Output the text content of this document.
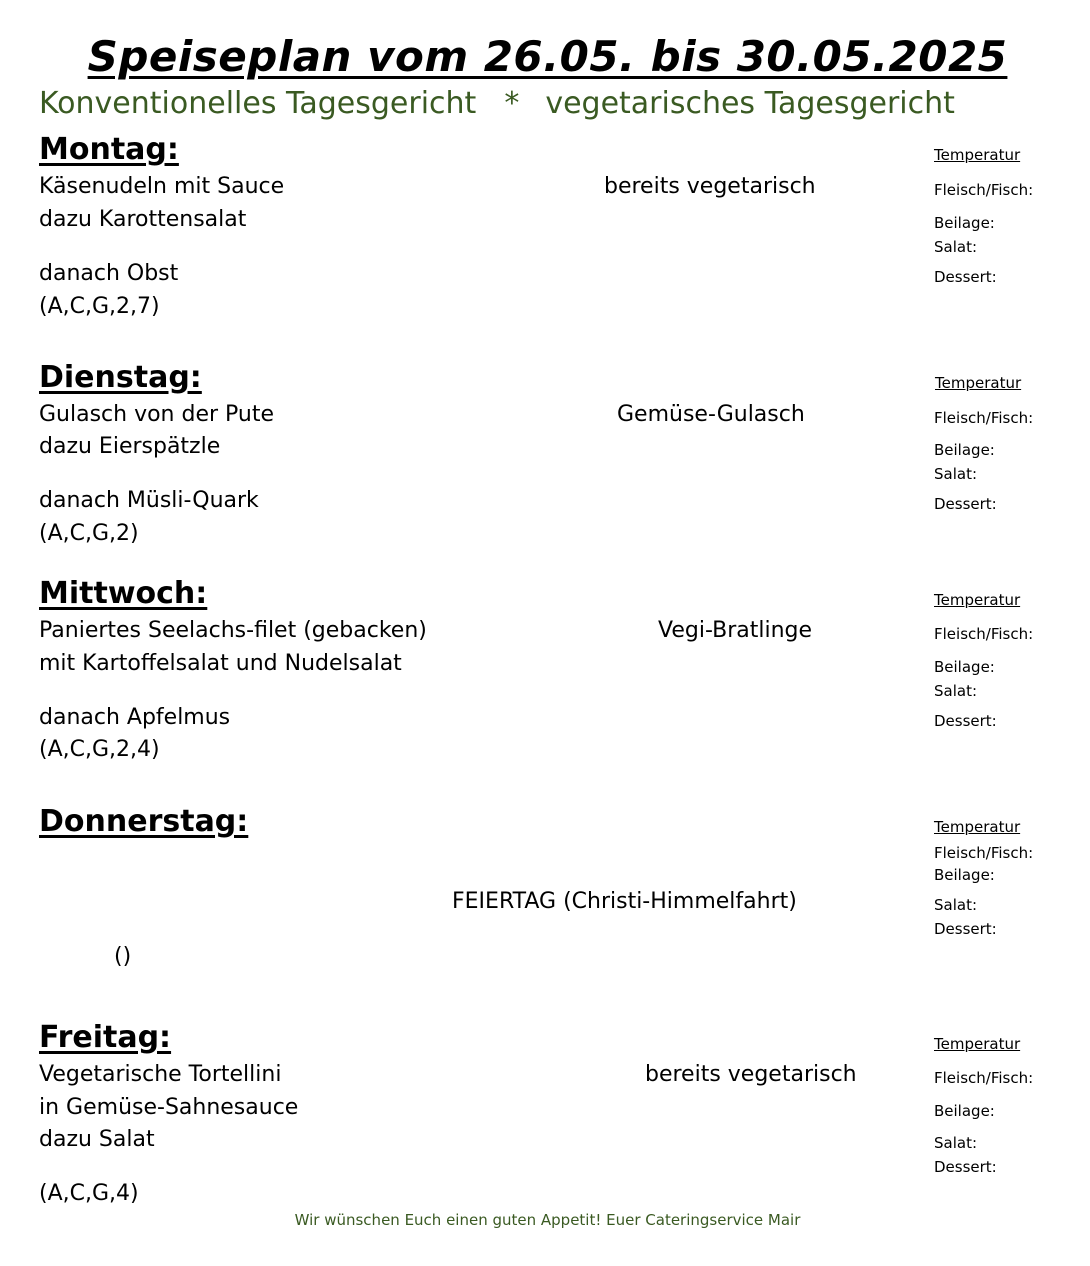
Speiseplan vom 26.05. bis 30.05.2025
Konventionelles Tagesgericht * vegetarisches Tagesgericht
Montag:
Käsenudeln mit Sauce
dazu Karottensalat
danach Obst
(A,C,G,2,7)
bereits vegetarisch
Temperatur
Fleisch/Fisch:
Beilage:
Salat:
Dessert:
Dienstag:
Gulasch von der Pute
dazu Eierspätzle
danach Müsli-Quark
(A,C,G,2)
Gemüse-Gulasch
Temperatur
Fleisch/Fisch:
Beilage:
Salat:
Dessert:
Mittwoch:
Paniertes Seelachs-filet (gebacken)
mit Kartoffelsalat und Nudelsalat
danach Apfelmus
(A,C,G,2,4)
Vegi-Bratlinge
Temperatur
Fleisch/Fisch:
Beilage:
Salat:
Dessert:
Donnerstag:
FEIERTAG (Christi-Himmelfahrt)
()
Temperatur
Fleisch/Fisch:
Beilage:
Salat:
Dessert:
Freitag:
Vegetarische Tortellini
in Gemüse-Sahnesauce
dazu Salat
(A,C,G,4)
bereits vegetarisch
Temperatur
Fleisch/Fisch:
Beilage:
Salat:
Dessert:
Wir wünschen Euch einen guten Appetit! Euer Cateringservice Mair
